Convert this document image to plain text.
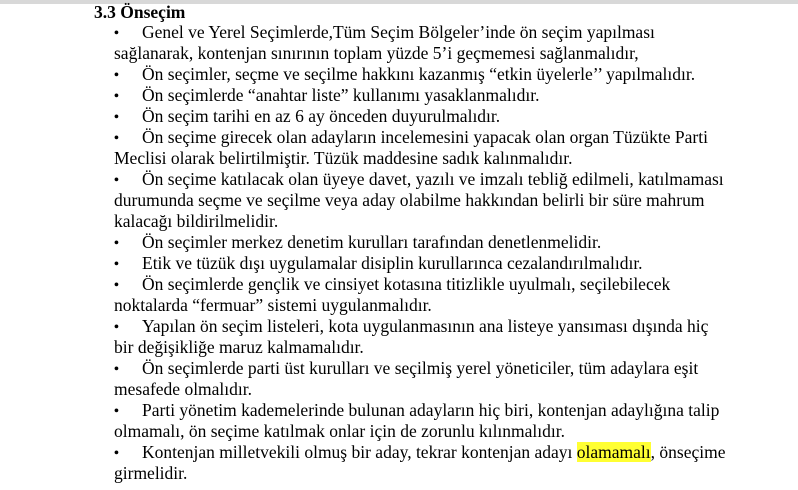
3.3 Önseçim
•	Genel ve Yerel Seçimlerde,Tüm Seçim Bölgeler’inde ön seçim yapılması
sağlanarak, kontenjan sınırının toplam yüzde 5’i geçmemesi sağlanmalıdır,
•	Ön seçimler, seçme ve seçilme hakkını kazanmış “etkin üyelerle’’ yapılmalıdır.
•	Ön seçimlerde “anahtar liste” kullanımı yasaklanmalıdır.
•	Ön seçim tarihi en az 6 ay önceden duyurulmalıdır.
•	Ön seçime girecek olan adayların incelemesini yapacak olan organ Tüzükte Parti
Meclisi olarak belirtilmiştir. Tüzük maddesine sadık kalınmalıdır.
•	Ön seçime katılacak olan üyeye davet, yazılı ve imzalı tebliğ edilmeli, katılmaması
durumunda seçme ve seçilme veya aday olabilme hakkından belirli bir süre mahrum
kalacağı bildirilmelidir.
•	Ön seçimler merkez denetim kurulları tarafından denetlenmelidir.
•	Etik ve tüzük dışı uygulamalar disiplin kurullarınca cezalandırılmalıdır.
•	Ön seçimlerde gençlik ve cinsiyet kotasına titizlikle uyulmalı, seçilebilecek
noktalarda “fermuar” sistemi uygulanmalıdır.
•	Yapılan ön seçim listeleri, kota uygulanmasının ana listeye yansıması dışında hiç
bir değişikliğe maruz kalmamalıdır.
•	Ön seçimlerde parti üst kurulları ve seçilmiş yerel yöneticiler, tüm adaylara eşit
mesafede olmalıdır.
•	Parti yönetim kademelerinde bulunan adayların hiç biri, kontenjan adaylığına talip
olmamalı, ön seçime katılmak onlar için de zorunlu kılınmalıdır.
•	Kontenjan milletvekili olmuş bir aday, tekrar kontenjan adayı olamamalı, önseçime
girmelidir.
